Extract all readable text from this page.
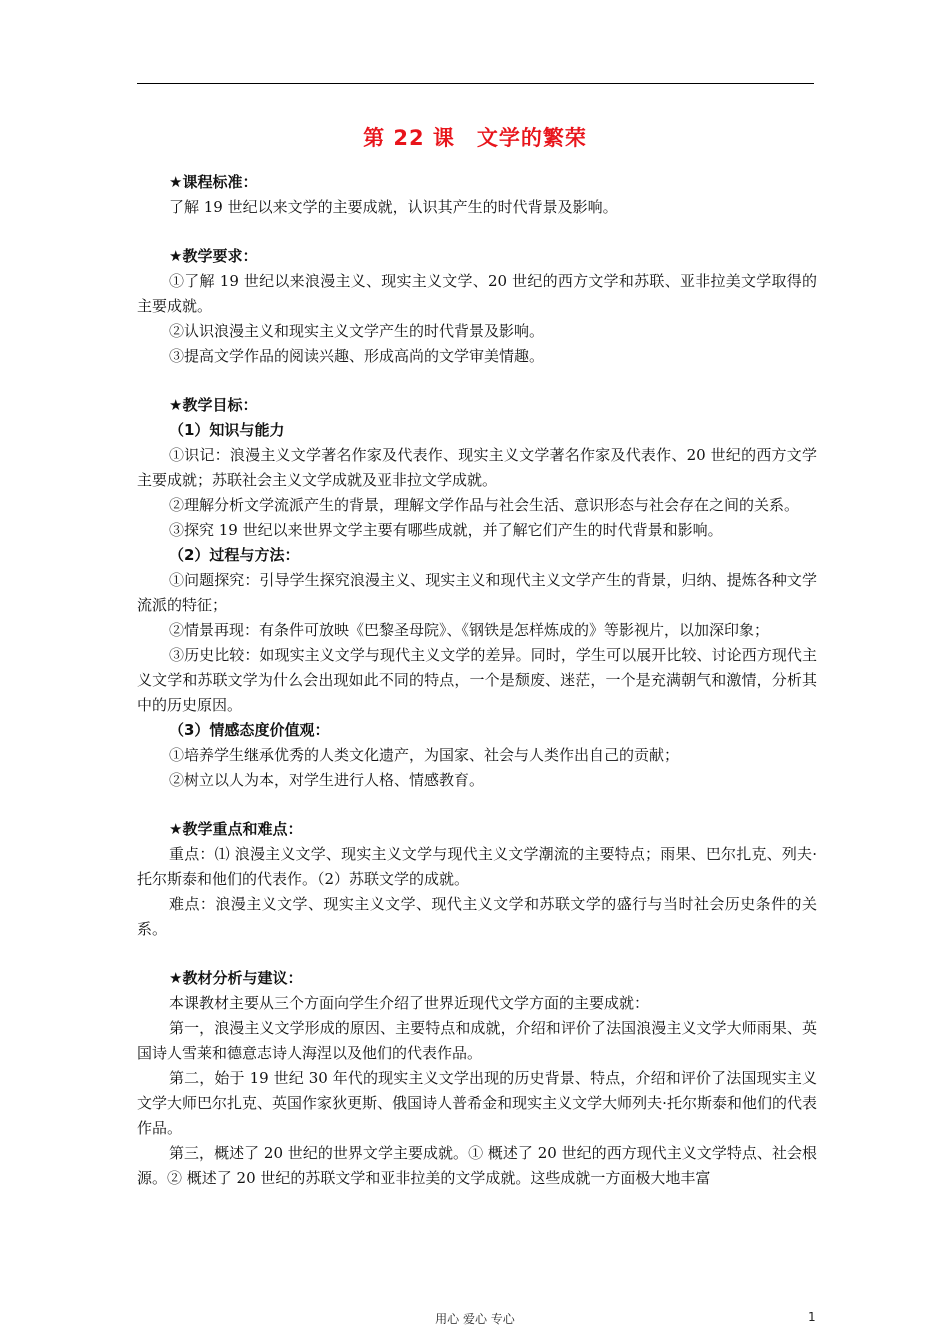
第 22 课　文学的繁荣
★课程标准：
了解 19 世纪以来文学的主要成就，认识其产生的时代背景及影响。
★教学要求：
①了解 19 世纪以来浪漫主义、现实主义文学、20 世纪的西方文学和苏联、亚非拉美文学取得的主要成就。
②认识浪漫主义和现实主义文学产生的时代背景及影响。
③提高文学作品的阅读兴趣、形成高尚的文学审美情趣。
★教学目标：
（1）知识与能力
①识记：浪漫主义文学著名作家及代表作、现实主义文学著名作家及代表作、20 世纪的西方文学主要成就；苏联社会主义文学成就及亚非拉文学成就。
②理解分析文学流派产生的背景，理解文学作品与社会生活、意识形态与社会存在之间的关系。
③探究 19 世纪以来世界文学主要有哪些成就，并了解它们产生的时代背景和影响。
（2）过程与方法：
①问题探究：引导学生探究浪漫主义、现实主义和现代主义文学产生的背景，归纳、提炼各种文学流派的特征；
②情景再现：有条件可放映《巴黎圣母院》、《钢铁是怎样炼成的》等影视片，以加深印象；
③历史比较：如现实主义文学与现代主义文学的差异。同时，学生可以展开比较、讨论西方现代主义文学和苏联文学为什么会出现如此不同的特点，一个是颓废、迷茫，一个是充满朝气和激情，分析其中的历史原因。
（3）情感态度价值观：
①培养学生继承优秀的人类文化遗产，为国家、社会与人类作出自己的贡献；
②树立以人为本，对学生进行人格、情感教育。
★教学重点和难点：
重点：⑴ 浪漫主义文学、现实主义文学与现代主义文学潮流的主要特点；雨果、巴尔扎克、列夫·托尔斯泰和他们的代表作。（2）苏联文学的成就。
难点：浪漫主义文学、现实主义文学、现代主义文学和苏联文学的盛行与当时社会历史条件的关系。
★教材分析与建议：
本课教材主要从三个方面向学生介绍了世界近现代文学方面的主要成就：
第一，浪漫主义文学形成的原因、主要特点和成就，介绍和评价了法国浪漫主义文学大师雨果、英国诗人雪莱和德意志诗人海涅以及他们的代表作品。
第二，始于 19 世纪 30 年代的现实主义文学出现的历史背景、特点，介绍和评价了法国现实主义文学大师巴尔扎克、英国作家狄更斯、俄国诗人普希金和现实主义文学大师列夫·托尔斯泰和他们的代表作品。
第三，概述了 20 世纪的世界文学主要成就。① 概述了 20 世纪的西方现代主义文学特点、社会根源。② 概述了 20 世纪的苏联文学和亚非拉美的文学成就。这些成就一方面极大地丰富
用心 爱心 专心	1
